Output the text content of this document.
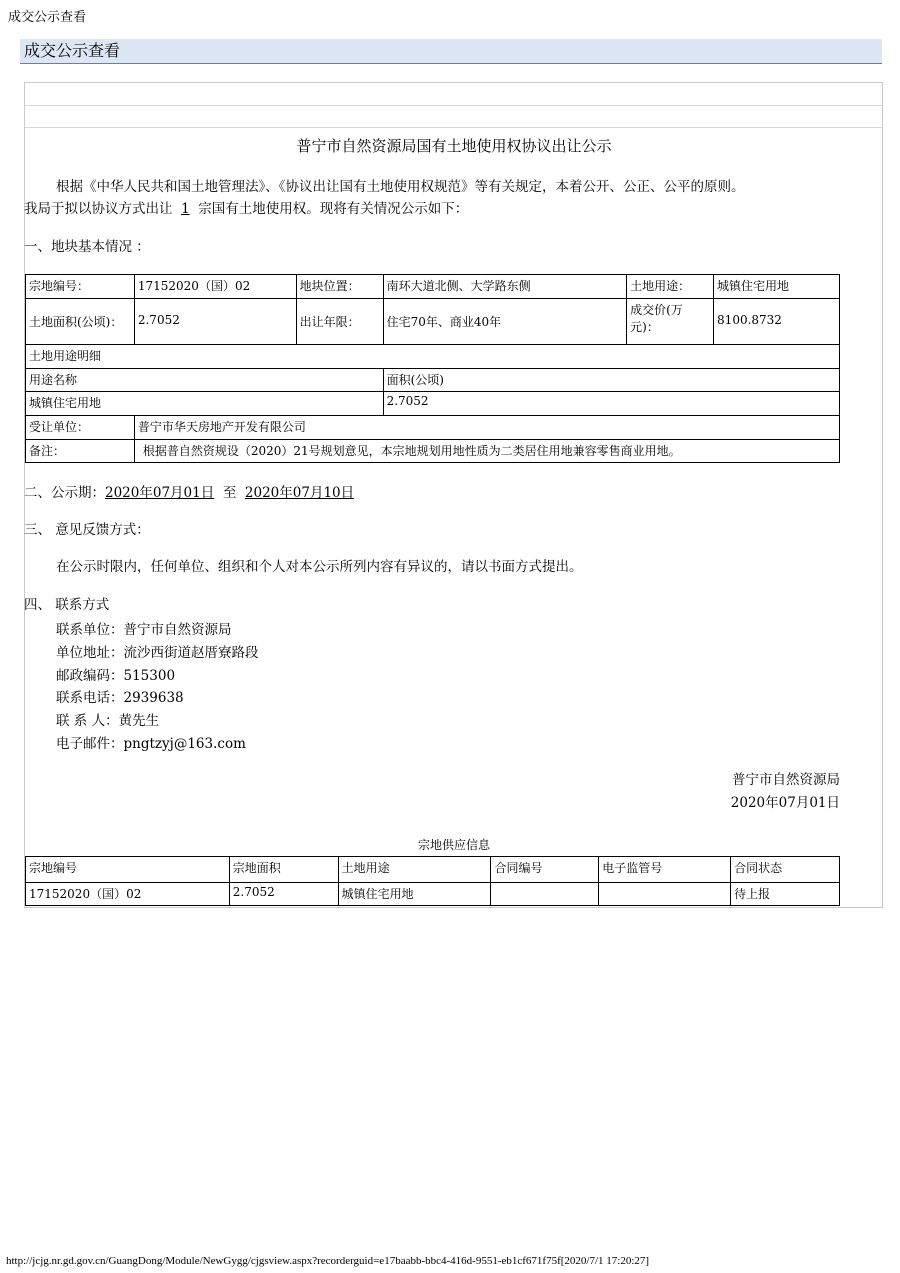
成交公示查看
成交公示查看
普宁市自然资源局国有土地使用权协议出让公示
根据《中华人民共和国土地管理法》、《协议出让国有土地使用权规范》等有关规定，本着公开、公正、公平的原则。
我局于拟以协议方式出让 1 宗国有土地使用权。现将有关情况公示如下：
一、地块基本情况 ：
宗地编号：	17152020（国）02	地块位置：	南环大道北侧、大学路东侧	土地用途：	城镇住宅用地
土地面积(公顷)：	2.7052	出让年限：	住宅70年、商业40年	成交价(万
元)：	8100.8732
土地用途明细					
用途名称			面积(公顷)		
城镇住宅用地			2.7052		
受让单位：	普宁市华天房地产开发有限公司				
备注：	根据普自然资规设（2020）21号规划意见，本宗地规划用地性质为二类居住用地兼容零售商业用地。				
二、公示期：2020年07月01日 至 2020年07月10日
三、 意见反馈方式：
在公示时限内，任何单位、组织和个人对本公示所列内容有异议的，请以书面方式提出。
四、 联系方式
联系单位：普宁市自然资源局
单位地址：流沙西街道赵厝寮路段
邮政编码：515300
联系电话：2939638
联 系 人：黄先生
电子邮件：pngtzyj@163.com
普宁市自然资源局
2020年07月01日
宗地供应信息
宗地编号	宗地面积	土地用途	合同编号	电子监管号	合同状态
17152020（国）02	2.7052	城镇住宅用地			待上报
http://jcjg.nr.gd.gov.cn/GuangDong/Module/NewGygg/cjgsview.aspx?recorderguid=e17baabb-bbc4-416d-9551-eb1cf671f75f[2020/7/1 17:20:27]
